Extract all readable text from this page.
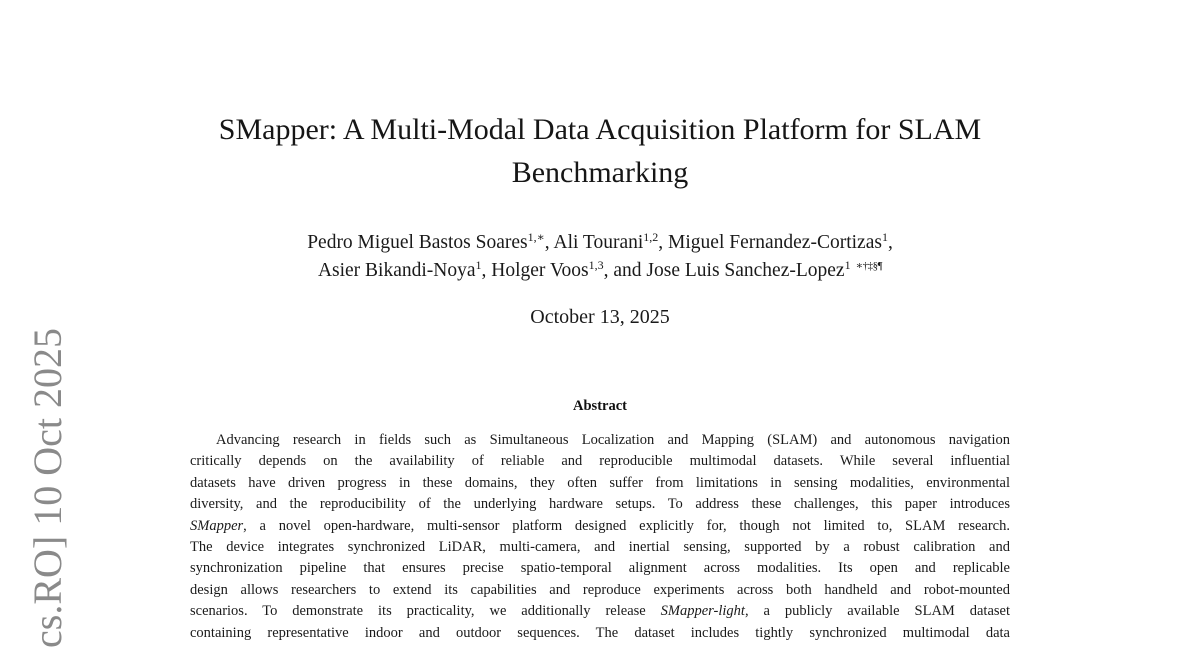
SMapper: A Multi-Modal Data Acquisition Platform for SLAM
Benchmarking
Pedro Miguel Bastos Soares$^{1,∗}$, Ali Tourani$^{1,2}$, Miguel Fernandez-Cortizas$^1$,
Asier Bikandi-Noya$^1$, Holger Voos$^{1,3}$, and Jose Luis Sanchez-Lopez$^1$ ∗†‡§¶
October 13, 2025
Abstract
Advancing research in fields such as Simultaneous Localization and Mapping (SLAM) and autonomous navigation
critically depends on the availability of reliable and reproducible multimodal datasets. While several influential
datasets have driven progress in these domains, they often suffer from limitations in sensing modalities, environmental
diversity, and the reproducibility of the underlying hardware setups. To address these challenges, this paper introduces
SMapper, a novel open-hardware, multi-sensor platform designed explicitly for, though not limited to, SLAM research.
The device integrates synchronized LiDAR, multi-camera, and inertial sensing, supported by a robust calibration and
synchronization pipeline that ensures precise spatio-temporal alignment across modalities. Its open and replicable
design allows researchers to extend its capabilities and reproduce experiments across both handheld and robot-mounted
scenarios. To demonstrate its practicality, we additionally release SMapper-light, a publicly available SLAM dataset
containing representative indoor and outdoor sequences. The dataset includes tightly synchronized multimodal data
cs.RO] 10 Oct 2025
